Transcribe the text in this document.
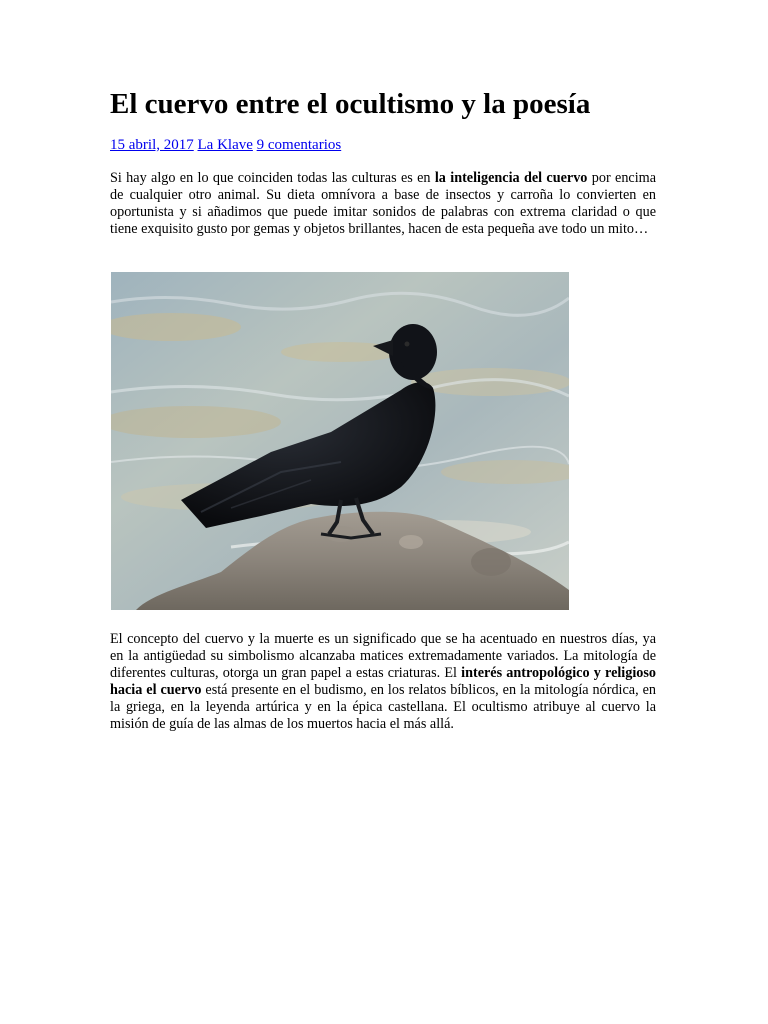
El cuervo entre el ocultismo y la poesía
15 abril, 2017 La Klave 9 comentarios

Si hay algo en lo que coinciden todas las culturas es en la inteligencia del cuervo por encima de cualquier otro animal. Su dieta omnívora a base de insectos y carroña lo convierten en oportunista y si añadimos que puede imitar sonidos de palabras con extrema claridad o que tiene exquisito gusto por gemas y objetos brillantes, hacen de esta pequeña ave todo un mito…

El concepto del cuervo y la muerte es un significado que se ha acentuado en nuestros días, ya en la antigüedad su simbolismo alcanzaba matices extremadamente variados. La mitología de diferentes culturas, otorga un gran papel a estas criaturas. El interés antropológico y religioso hacia el cuervo está presente en el budismo, en los relatos bíblicos, en la mitología nórdica, en la griega, en la leyenda artúrica y en la épica castellana. El ocultismo atribuye al cuervo la misión de guía de las almas de los muertos hacia el más allá.
